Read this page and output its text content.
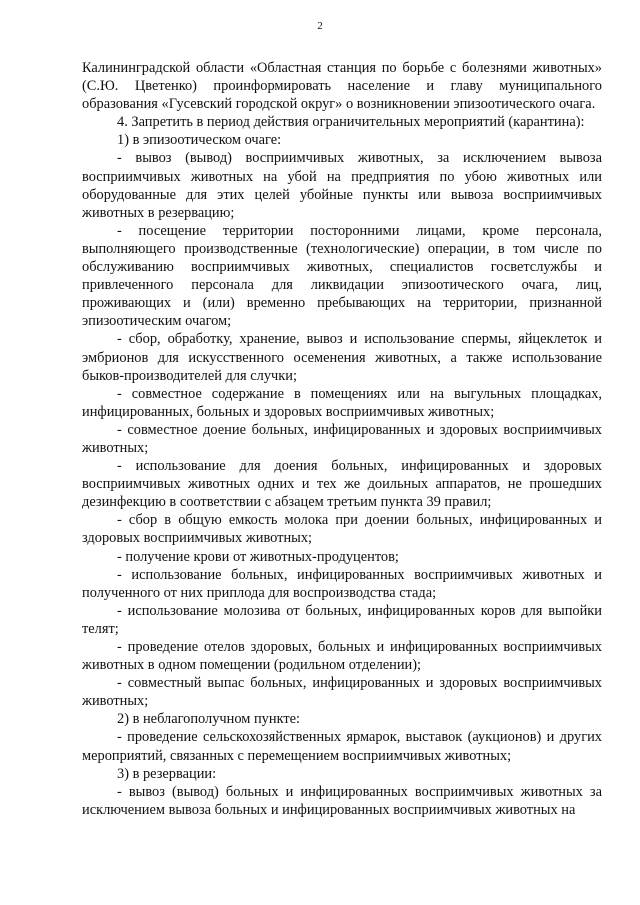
2

Калининградской области «Областная станция по борьбе с болезнями животных» (С.Ю. Цветенко) проинформировать население и главу муниципального образования «Гусевский городской округ» о возникновении эпизоотического очага.

4. Запретить в период действия ограничительных мероприятий (карантина):

1) в эпизоотическом очаге:

- вывоз (вывод) восприимчивых животных, за исключением вывоза восприимчивых животных на убой на предприятия по убою животных или оборудованные для этих целей убойные пункты или вывоза восприимчивых животных в резервацию;

- посещение территории посторонними лицами, кроме персонала, выполняющего производственные (технологические) операции, в том числе по обслуживанию восприимчивых животных, специалистов госветслужбы и привлеченного персонала для ликвидации эпизоотического очага, лиц, проживающих и (или) временно пребывающих на территории, признанной эпизоотическим очагом;

- сбор, обработку, хранение, вывоз и использование спермы, яйцеклеток и эмбрионов для искусственного осеменения животных, а также использование быков-производителей для случки;

- совместное содержание в помещениях или на выгульных площадках, инфицированных, больных и здоровых восприимчивых животных;

- совместное доение больных, инфицированных и здоровых восприимчивых животных;

- использование для доения больных, инфицированных и здоровых восприимчивых животных одних и тех же доильных аппаратов, не прошедших дезинфекцию в соответствии с абзацем третьим пункта 39 правил;

- сбор в общую емкость молока при доении больных, инфицированных и здоровых восприимчивых животных;

- получение крови от животных-продуцентов;

- использование больных, инфицированных восприимчивых животных и полученного от них приплода для воспроизводства стада;

- использование молозива от больных, инфицированных коров для выпойки телят;

- проведение отелов здоровых, больных и инфицированных восприимчивых животных в одном помещении (родильном отделении);

- совместный выпас больных, инфицированных и здоровых восприимчивых животных;

2) в неблагополучном пункте:

- проведение сельскохозяйственных ярмарок, выставок (аукционов) и других мероприятий, связанных с перемещением восприимчивых животных;

3) в резервации:

- вывоз (вывод) больных и инфицированных восприимчивых животных за исключением вывоза больных и инфицированных восприимчивых животных на
